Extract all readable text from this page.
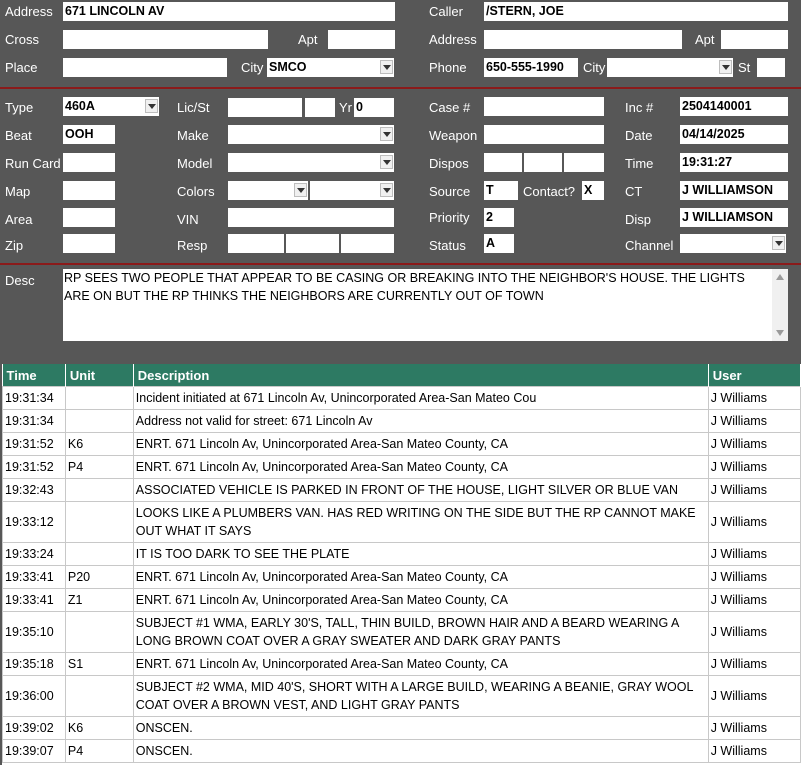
Address 671 LINCOLN AV	Caller /STERN, JOE
Cross	Apt	Address	Apt
Place	City SMCO	Phone 650-555-1990	City	St
Type	460A	Lic/St	Yr 0	Case #	Inc # 2504140001
Beat	OOH	Make	Weapon	Date 04/14/2025
Run Card	Model	Dispos	Time 19:31:27
Map	Colors	Source T	Contact? X	CT	J WILLIAMSON
Area	VIN	Priority 2	Disp J WILLIAMSON
Zip	Resp	Status A	Channel
Desc RP SEES TWO PEOPLE THAT APPEAR TO BE CASING OR BREAKING INTO THE NEIGHBOR'S HOUSE. THE LIGHTS ARE ON BUT THE RP THINKS THE NEIGHBORS ARE CURRENTLY OUT OF TOWN
Time	Unit	Description	User
19:31:34		Incident initiated at 671 Lincoln Av, Unincorporated Area-San Mateo Cou	J Williams
19:31:34		Address not valid for street: 671 Lincoln Av	J Williams
19:31:52	K6	ENRT. 671 Lincoln Av, Unincorporated Area-San Mateo County, CA	J Williams
19:31:52	P4	ENRT. 671 Lincoln Av, Unincorporated Area-San Mateo County, CA	J Williams
19:32:43		ASSOCIATED VEHICLE IS PARKED IN FRONT OF THE HOUSE, LIGHT SILVER OR BLUE VAN	J Williams
19:33:12		LOOKS LIKE A PLUMBERS VAN. HAS RED WRITING ON THE SIDE BUT THE RP CANNOT MAKE OUT WHAT IT SAYS	J Williams
19:33:24		IT IS TOO DARK TO SEE THE PLATE	J Williams
19:33:41	P20	ENRT. 671 Lincoln Av, Unincorporated Area-San Mateo County, CA	J Williams
19:33:41	Z1	ENRT. 671 Lincoln Av, Unincorporated Area-San Mateo County, CA	J Williams
19:35:10		SUBJECT #1 WMA, EARLY 30'S, TALL, THIN BUILD, BROWN HAIR AND A BEARD WEARING A LONG BROWN COAT OVER A GRAY SWEATER AND DARK GRAY PANTS	J Williams
19:35:18	S1	ENRT. 671 Lincoln Av, Unincorporated Area-San Mateo County, CA	J Williams
19:36:00		SUBJECT #2 WMA, MID 40'S, SHORT WITH A LARGE BUILD, WEARING A BEANIE, GRAY WOOL COAT OVER A BROWN VEST, AND LIGHT GRAY PANTS	J Williams
19:39:02	K6	ONSCEN.	J Williams
19:39:07	P4	ONSCEN.	J Williams
